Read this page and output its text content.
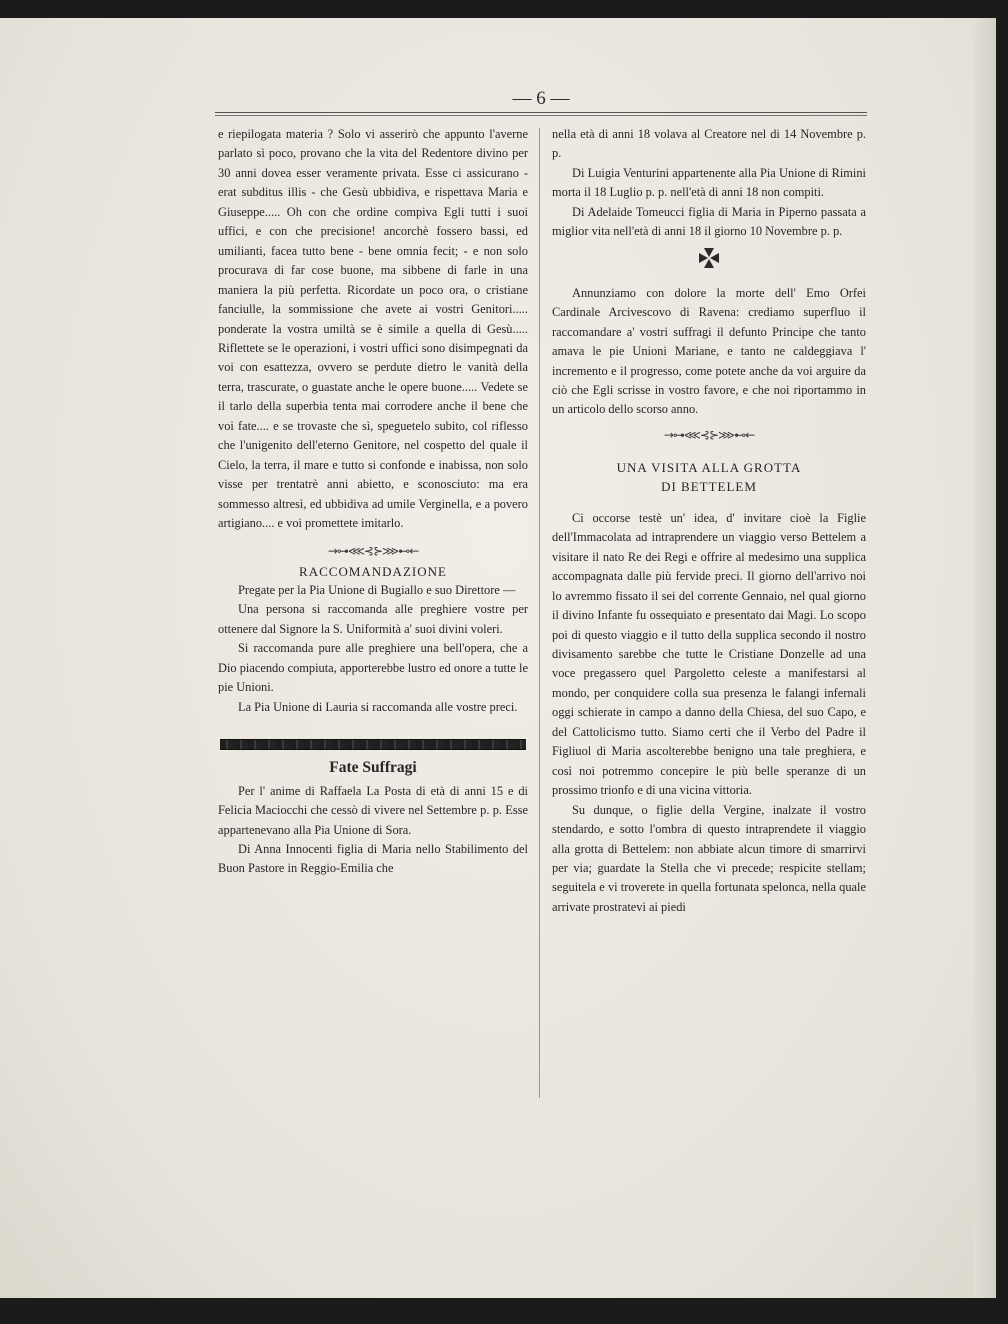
— 6 —

e riepilogata materia ? Solo vi asserirò che appunto l'averne parlato sì poco, provano che la vita del Redentore divino per 30 anni dovea esser veramente privata. Esse ci assicurano - erat subditus illis - che Gesù ubbidiva, e rispettava Maria e Giuseppe..... Oh con che ordine compiva Egli tutti i suoi uffici, e con che precisione! ancorchè fossero bassi, ed umilianti, facea tutto bene - bene omnia fecit; - e non solo procurava di far cose buone, ma sibbene di farle in una maniera la più perfetta. Ricordate un poco ora, o cristiane fanciulle, la sommissione che avete ai vostri Genitori..... ponderate la vostra umiltà se è simile a quella di Gesù..... Riflettete se le operazioni, i vostri uffici sono disimpegnati da voi con esattezza, ovvero se perdute dietro le vanità della terra, trascurate, o guastate anche le opere buone..... Vedete se il tarlo della superbia tenta mai corrodere anche il bene che voi fate.... e se trovaste che sì, speguetelo subito, col riflesso che l'unigenito dell'eterno Genitore, nel cospetto del quale il Cielo, la terra, il mare e tutto si confonde e inabissa, non solo visse per trentatrè anni abietto, e sconosciuto: ma era sommesso altresì, ed ubbidiva ad umile Verginella, e a povero artigiano.... e voi promettete imitarlo.

→⊶⋘⊰⊱⋙⊷←

RACCOMANDAZIONE

Pregate per la Pia Unione di Bugiallo e suo Direttore —

Una persona si raccomanda alle preghiere vostre per ottenere dal Signore la S. Uniformità a' suoi divini voleri.

Si raccomanda pure alle preghiere una bell'opera, che a Dio piacendo compiuta, apporterebbe lustro ed onore a tutte le pie Unioni.

La Pia Unione di Lauria si raccomanda alle vostre preci.

Fate Suffragi

Per l' anime di Raffaela La Posta di età di anni 15 e di Felicia Maciocchi che cessò di vivere nel Settembre p. p. Esse appartenevano alla Pia Unione di Sora.

Di Anna Innocenti figlia di Maria nello Stabilimento del Buon Pastore in Reggio-Emilia che

nella età di anni 18 volava al Creatore nel di 14 Novembre p. p.

Di Luigia Venturini appartenente alla Pia Unione di Rimini morta il 18 Luglio p. p. nell'età di anni 18 non compiti.

Di Adelaide Tomeucci figlia di Maria in Piperno passata a miglior vita nell'età di anni 18 il giorno 10 Novembre p. p.

Annunziamo con dolore la morte dell' Emo Orfei Cardinale Arcivescovo di Ravena: crediamo superfluo il raccomandare a' vostri suffragi il defunto Principe che tanto amava le pie Unioni Mariane, e tanto ne caldeggiava l' incremento e il progresso, come potete anche da voi arguire da ciò che Egli scrisse in vostro favore, e che noi riportammo in un articolo dello scorso anno.

→⊶⋘⊰⊱⋙⊷←

UNA VISITA ALLA GROTTA

DI BETTELEM

Ci occorse testè un' idea, d' invitare cioè la Figlie dell'Immacolata ad intraprendere un viaggio verso Bettelem a visitare il nato Re dei Regi e offrire al medesimo una supplica accompagnata dalle più fervide preci. Il giorno dell'arrivo noi lo avremmo fissato il sei del corrente Gennaio, nel qual giorno il divino Infante fu ossequiato e presentato dai Magi. Lo scopo poi di questo viaggio e il tutto della supplica secondo il nostro divisamento sarebbe che tutte le Cristiane Donzelle ad una voce pregassero quel Pargoletto celeste a manifestarsi al mondo, per conquidere colla sua presenza le falangi infernali oggi schierate in campo a danno della Chiesa, del suo Capo, e del Cattolicismo tutto. Siamo certi che il Verbo del Padre il Figliuol di Maria ascolterebbe benigno una tale preghiera, e così noi potremmo concepire le più belle speranze di un prossimo trionfo e di una vicina vittoria.

Su dunque, o figlie della Vergine, inalzate il vostro stendardo, e sotto l'ombra di questo intraprendete il viaggio alla grotta di Bettelem: non abbiate alcun timore di smarrirvi per via; guardate la Stella che vi precede; respicite stellam; seguitela e vi troverete in quella fortunata spelonca, nella quale arrivate prostratevi ai piedi
